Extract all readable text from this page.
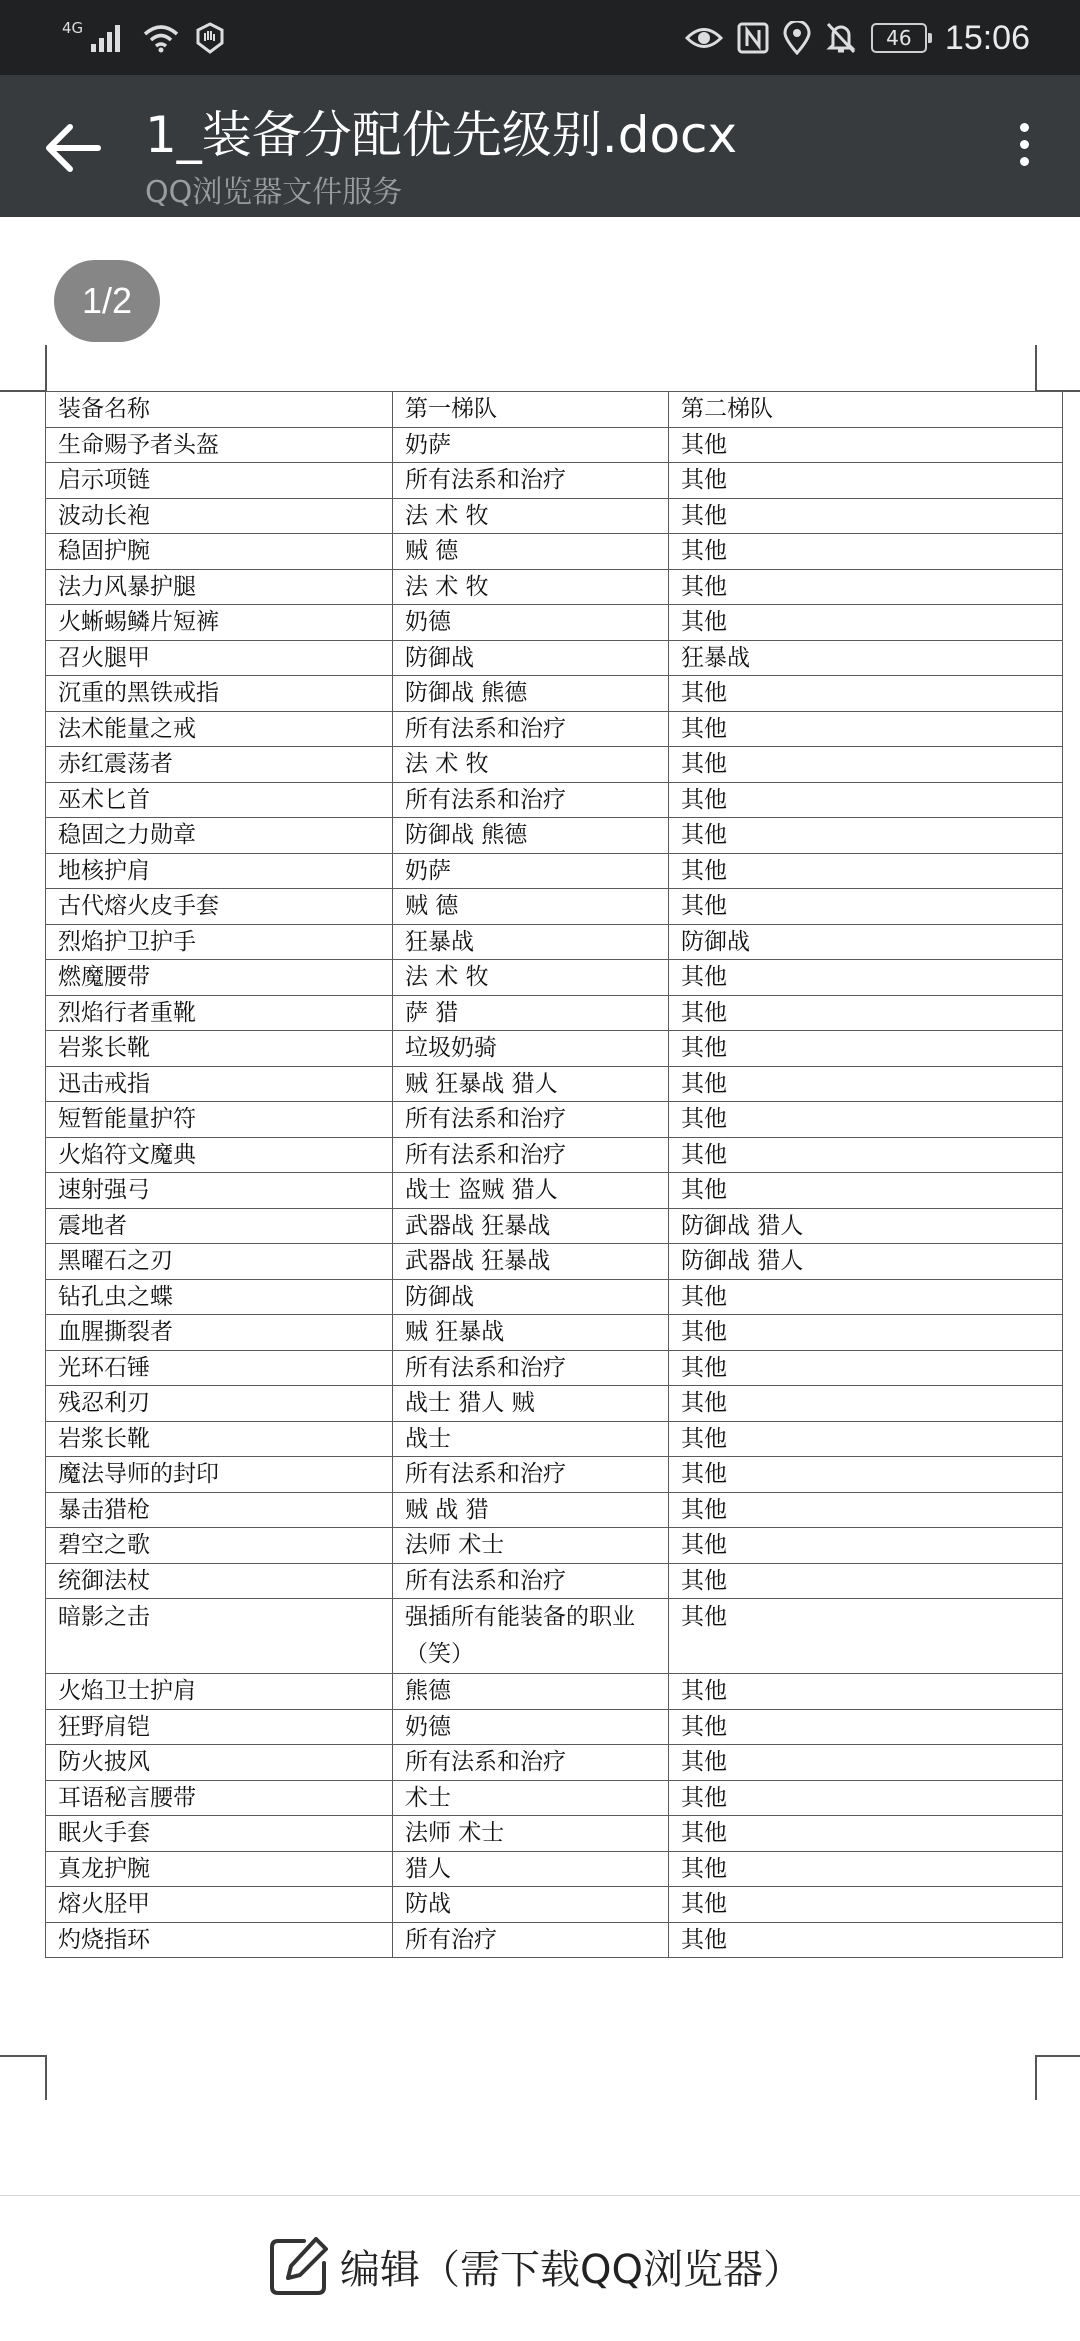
4G	46 15:06
1_装备分配优先级别.docx
QQ浏览器文件服务
1/2
装备名称	第一梯队	第二梯队
生命赐予者头盔	奶萨	其他
启示项链	所有法系和治疗	其他
波动长袍	法 术 牧	其他
稳固护腕	贼 德	其他
法力风暴护腿	法 术 牧	其他
火蜥蜴鳞片短裤	奶德	其他
召火腿甲	防御战	狂暴战
沉重的黑铁戒指	防御战 熊德	其他
法术能量之戒	所有法系和治疗	其他
赤红震荡者	法 术 牧	其他
巫术匕首	所有法系和治疗	其他
稳固之力勋章	防御战 熊德	其他
地核护肩	奶萨	其他
古代熔火皮手套	贼 德	其他
烈焰护卫护手	狂暴战	防御战
燃魔腰带	法 术 牧	其他
烈焰行者重靴	萨 猎	其他
岩浆长靴	垃圾奶骑	其他
迅击戒指	贼 狂暴战 猎人	其他
短暂能量护符	所有法系和治疗	其他
火焰符文魔典	所有法系和治疗	其他
速射强弓	战士 盗贼 猎人	其他
震地者	武器战 狂暴战	防御战 猎人
黑曜石之刃	武器战 狂暴战	防御战 猎人
钻孔虫之蝶	防御战	其他
血腥撕裂者	贼 狂暴战	其他
光环石锤	所有法系和治疗	其他
残忍利刃	战士 猎人 贼	其他
岩浆长靴	战士	其他
魔法导师的封印	所有法系和治疗	其他
暴击猎枪	贼 战 猎	其他
碧空之歌	法师 术士	其他
统御法杖	所有法系和治疗	其他
暗影之击	强插所有能装备的职业（笑）	其他
火焰卫士护肩	熊德	其他
狂野肩铠	奶德	其他
防火披风	所有法系和治疗	其他
耳语秘言腰带	术士	其他
眠火手套	法师 术士	其他
真龙护腕	猎人	其他
熔火胫甲	防战	其他
灼烧指环	所有治疗	其他
编辑（需下载QQ浏览器）
